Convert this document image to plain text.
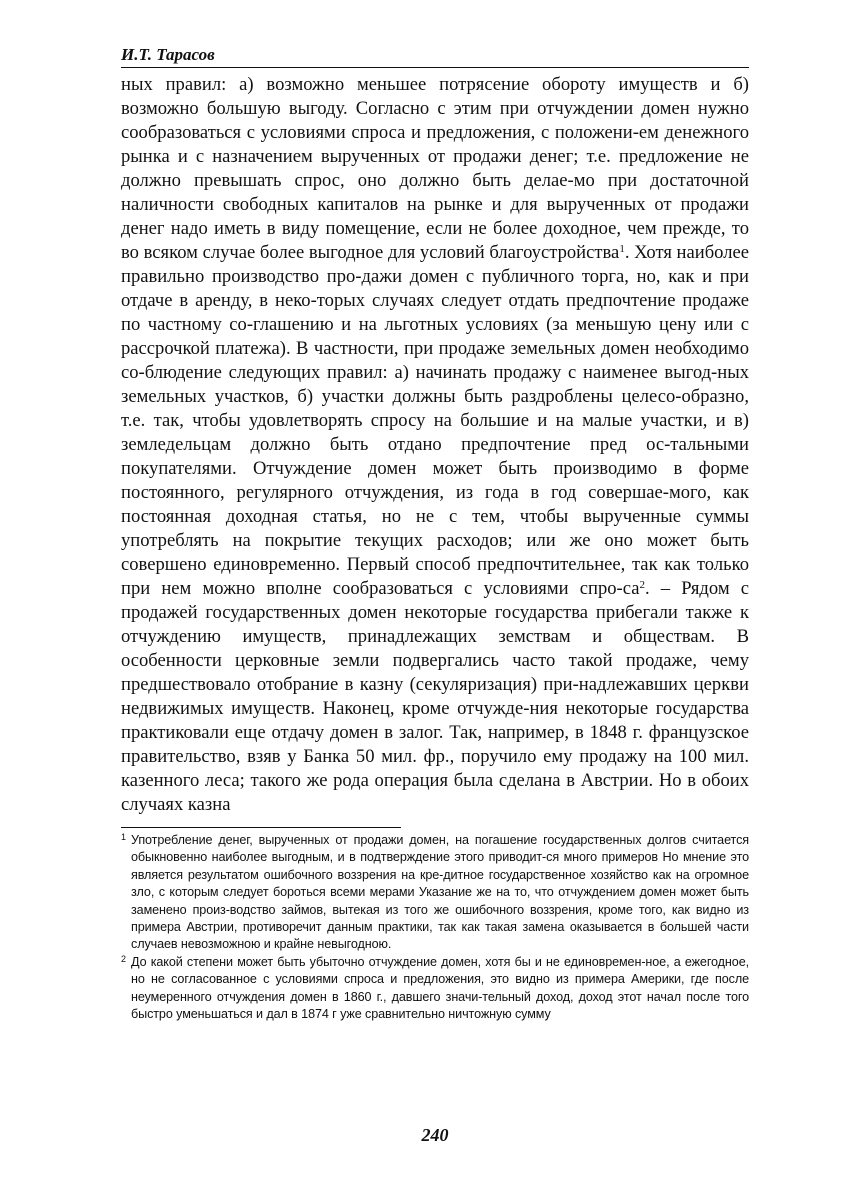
И.Т. Тарасов
ных правил: а) возможно меньшее потрясение обороту имуществ и б) возможно большую выгоду. Согласно с этим при отчуждении домен нужно сообразоваться с условиями спроса и предложения, с положени-ем денежного рынка и с назначением вырученных от продажи денег; т.е. предложение не должно превышать спрос, оно должно быть делае-мо при достаточной наличности свободных капиталов на рынке и для вырученных от продажи денег надо иметь в виду помещение, если не более доходное, чем прежде, то во всяком случае более выгодное для условий благоустройства$^1$. Хотя наиболее правильно производство про-дажи домен с публичного торга, но, как и при отдаче в аренду, в неко-торых случаях следует отдать предпочтение продаже по частному со-глашению и на льготных условиях (за меньшую цену или с рассрочкой платежа). В частности, при продаже земельных домен необходимо со-блюдение следующих правил: а) начинать продажу с наименее выгод-ных земельных участков, б) участки должны быть раздроблены целесо-образно, т.е. так, чтобы удовлетворять спросу на большие и на малые участки, и в) земледельцам должно быть отдано предпочтение пред ос-тальными покупателями. Отчуждение домен может быть производимо в форме постоянного, регулярного отчуждения, из года в год совершае-мого, как постоянная доходная статья, но не с тем, чтобы вырученные суммы употреблять на покрытие текущих расходов; или же оно может быть совершено единовременно. Первый способ предпочтительнее, так как только при нем можно вполне сообразоваться с условиями спро-$са^2$. – Рядом с продажей государственных домен некоторые государства прибегали также к отчуждению имуществ, принадлежащих земствам и обществам. В особенности церковные земли подвергались часто такой продаже, чему предшествовало отобрание в казну (секуляризация) при-надлежавших церкви недвижимых имуществ. Наконец, кроме отчужде-ния некоторые государства практиковали еще отдачу домен в залог. Так, например, в 1848 г. французское правительство, взяв у Банка 50 мил. фр., поручило ему продажу на 100 мил. казенного леса; такого же рода операция была сделана в Австрии. Но в обоих случаях казна
1 Употребление денег, вырученных от продажи домен, на погашение государственных долгов считается обыкновенно наиболее выгодным, и в подтверждение этого приводит-ся много примеров Но мнение это является результатом ошибочного воззрения на кре-дитное государственное хозяйство как на огромное зло, с которым следует бороться всеми мерами Указание же на то, что отчуждением домен может быть заменено произ-водство займов, вытекая из того же ошибочного воззрения, кроме того, как видно из примера Австрии, противоречит данным практики, так как такая замена оказывается в большей части случаев невозможною и крайне невыгодною.
2 До какой степени может быть убыточно отчуждение домен, хотя бы и не единовремен-ное, а ежегодное, но не согласованное с условиями спроса и предложения, это видно из примера Америки, где после неумеренного отчуждения домен в 1860 г., давшего значи-тельный доход, доход этот начал после того быстро уменьшаться и дал в 1874 г уже сравнительно ничтожную сумму
240
